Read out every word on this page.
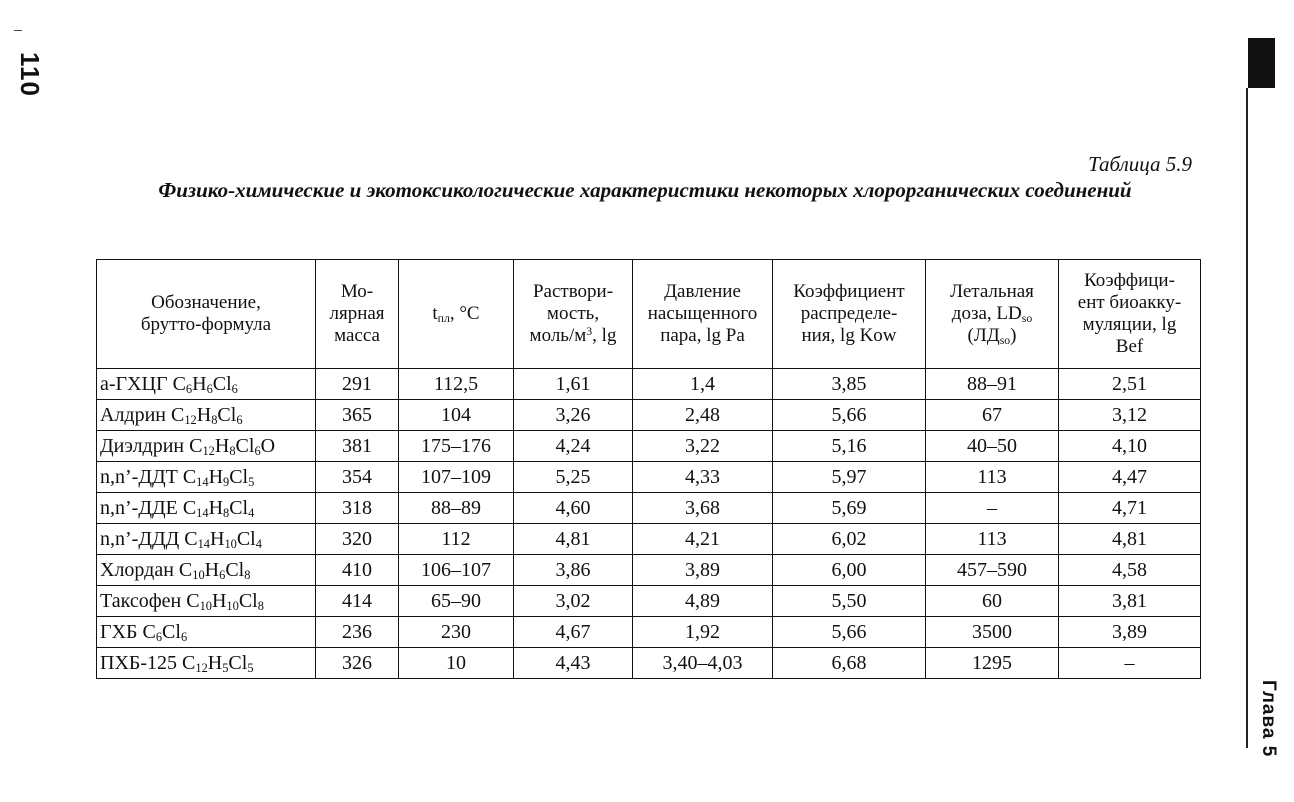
110
Глава 5
Таблица 5.9
Физико-химические и экотоксикологические характеристики некоторых хлорорганических соединений
Обозначение,
брутто-формула	Мо-
лярная
масса	$t_{пл}$, °C	Раствори-
мость,
моль/$м^3$, lg	Давление
насыщенного
пара, lg Pa	Коэффициент
распределе-
ния, lg Kow	Летальная
доза, $LD_{so}$
$(ЛД_{so})$	Коэффици-
ент биоакку-
муляции, lg
Bef
а-ГХЦГ $C_6H_6Cl_6$	291	112,5	1,61	1,4	3,85	88–91	2,51
Алдрин $C_{12}H_8Cl_6$	365	104	3,26	2,48	5,66	67	3,12
Диэлдрин $C_{12}H_8Cl_6O$	381	175–176	4,24	3,22	5,16	40–50	4,10
n,n’-ДДТ $C_{14}H_9Cl_5$	354	107–109	5,25	4,33	5,97	113	4,47
n,n’-ДДЕ $C_{14}H_8Cl_4$	318	88–89	4,60	3,68	5,69	–	4,71
n,n’-ДДД $C_{14}H_{10}Cl_4$	320	112	4,81	4,21	6,02	113	4,81
Хлордан $C_{10}H_6Cl_8$	410	106–107	3,86	3,89	6,00	457–590	4,58
Таксофен $C_{10}H_{10}Cl_8$	414	65–90	3,02	4,89	5,50	60	3,81
ГХБ $C_6Cl_6$	236	230	4,67	1,92	5,66	3500	3,89
ПХБ-125 $C_{12}H_5Cl_5$	326	10	4,43	3,40–4,03	6,68	1295	–
